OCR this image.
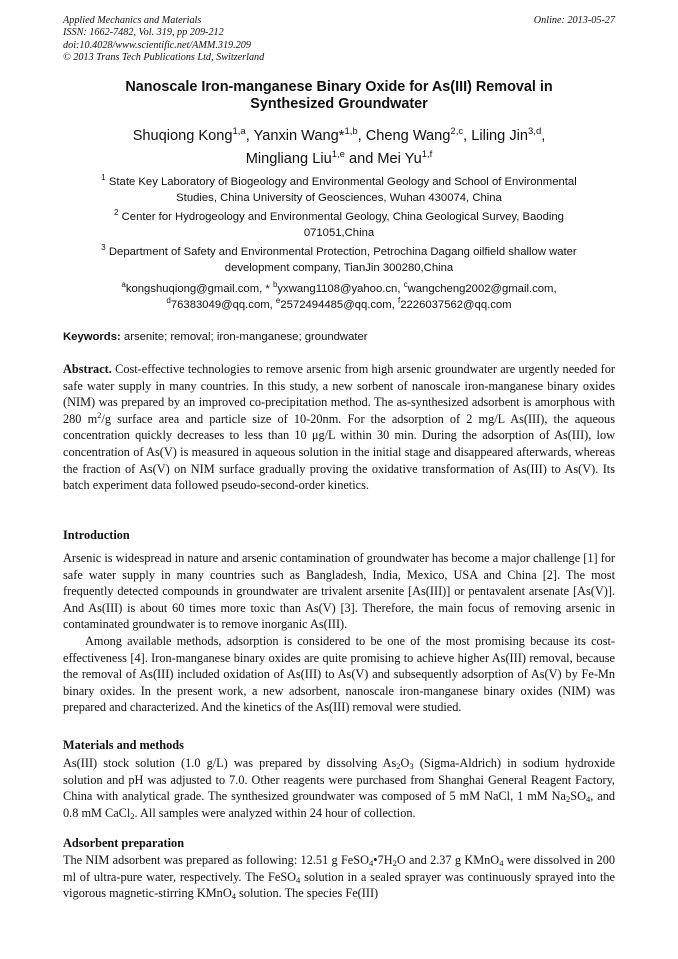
Applied Mechanics and Materials
ISSN: 1662-7482, Vol. 319, pp 209-212
doi:10.4028/www.scientific.net/AMM.319.209
© 2013 Trans Tech Publications Ltd, Switzerland
Online: 2013-05-27
Nanoscale Iron-manganese Binary Oxide for As(III) Removal in
Synthesized Groundwater
Shuqiong Kong$^{1,a}$, Yanxin Wang*$^{1,b}$, Cheng Wang$^{2,c}$, Liling Jin$^{3,d}$,
Mingliang Liu$^{1,e}$ and Mei Yu$^{1,f}$
$^1$ State Key Laboratory of Biogeology and Environmental Geology and School of Environmental
Studies, China University of Geosciences, Wuhan 430074, China
$^2$ Center for Hydrogeology and Environmental Geology, China Geological Survey, Baoding
071051,China
$^3$ Department of Safety and Environmental Protection, Petrochina Dagang oilfield shallow water
development company, TianJin 300280,China
$^a$kongshuqiong@gmail.com, * $^b$yxwang1108@yahoo.cn, $^c$wangcheng2002@gmail.com,
$^d$76383049@qq.com, $^e$2572494485@qq.com, $^f$2226037562@qq.com
Keywords: arsenite; removal; iron-manganese; groundwater

Abstract. Cost-effective technologies to remove arsenic from high arsenic groundwater are urgently needed for safe water supply in many countries. In this study, a new sorbent of nanoscale iron-manganese binary oxides (NIM) was prepared by an improved co-precipitation method. The as-synthesized adsorbent is amorphous with 280 $m^2/g$ surface area and particle size of 10-20nm. For the adsorption of 2 mg/L As(III), the aqueous concentration quickly decreases to less than 10 μg/L within 30 min. During the adsorption of As(III), low concentration of As(V) is measured in aqueous solution in the initial stage and disappeared afterwards, whereas the fraction of As(V) on NIM surface gradually proving the oxidative transformation of As(III) to As(V). Its batch experiment data followed pseudo-second-order kinetics.

Introduction

Arsenic is widespread in nature and arsenic contamination of groundwater has become a major challenge [1] for safe water supply in many countries such as Bangladesh, India, Mexico, USA and China [2]. The most frequently detected compounds in groundwater are trivalent arsenite [As(III)] or pentavalent arsenate [As(V)]. And As(III) is about 60 times more toxic than As(V) [3]. Therefore, the main focus of removing arsenic in contaminated groundwater is to remove inorganic As(III).

Among available methods, adsorption is considered to be one of the most promising because its cost-effectiveness [4]. Iron-manganese binary oxides are quite promising to achieve higher As(III) removal, because the removal of As(III) included oxidation of As(III) to As(V) and subsequently adsorption of As(V) by Fe-Mn binary oxides. In the present work, a new adsorbent, nanoscale iron-manganese binary oxides (NIM) was prepared and characterized. And the kinetics of the As(III) removal were studied.

Materials and methods

As(III) stock solution (1.0 g/L) was prepared by dissolving $As_2O_3$ (Sigma-Aldrich) in sodium hydroxide solution and pH was adjusted to 7.0. Other reagents were purchased from Shanghai General Reagent Factory, China with analytical grade. The synthesized groundwater was composed of 5 mM NaCl, 1 mM $Na_2SO_4$, and 0.8 mM CaCl$_2$. All samples were analyzed within 24 hour of collection.

Adsorbent preparation

The NIM adsorbent was prepared as following: 12.51 g $FeSO_4•7H_2O$ and 2.37 g KMnO$_4$ were dissolved in 200 ml of ultra-pure water, respectively. The FeSO$_4$ solution in a sealed sprayer was continuously sprayed into the vigorous magnetic-stirring KMnO$_4$ solution. The species Fe(III)
